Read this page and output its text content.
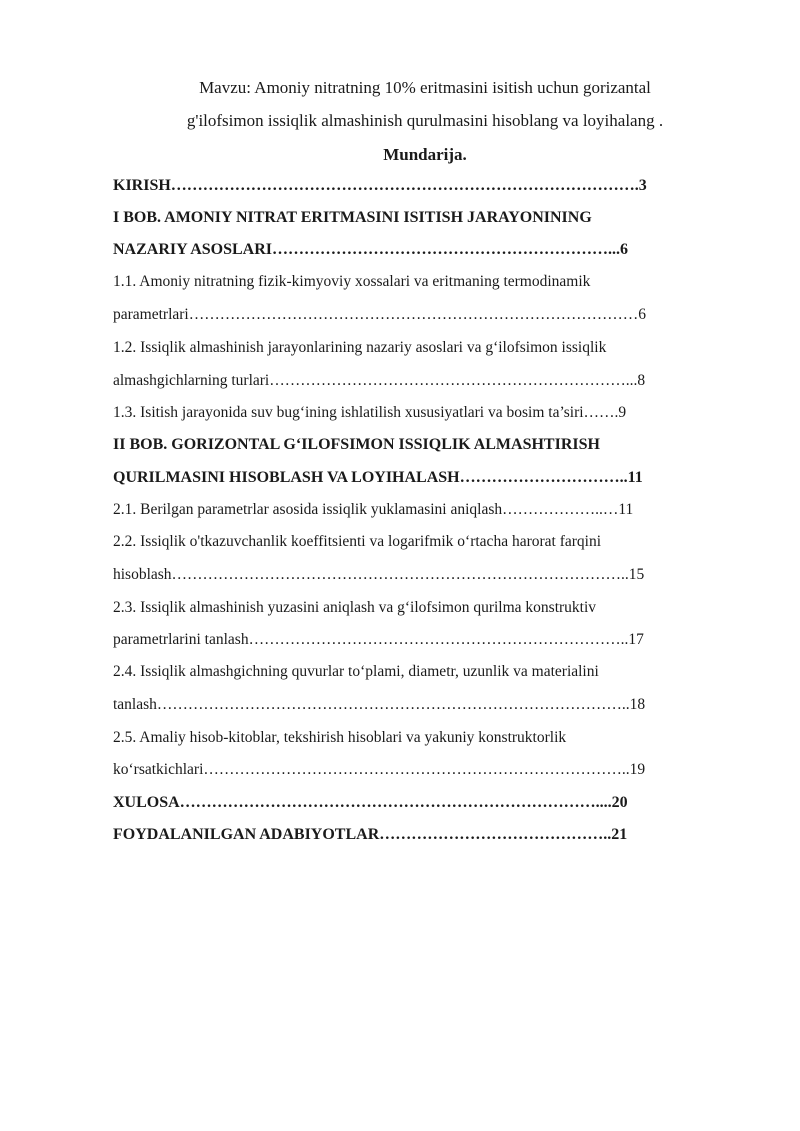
Mavzu: Amoniy nitratning 10% eritmasini isitish uchun gorizantal
g'ilofsimon issiqlik almashinish qurulmasini hisoblang va loyihalang .
Mundarija.
KIRISH…………………………………………………………………………….3
I BOB. AMONIY NITRAT ERITMASINI ISITISH JARAYONINING
NAZARIY ASOSLARI………………………………………………………...6
1.1. Amoniy nitratning fizik-kimyoviy xossalari va eritmaning termodinamik
parametrlari……………………………………………………………………………6
1.2. Issiqlik almashinish jarayonlarining nazariy asoslari va g‘ilofsimon issiqlik
almashgichlarning turlari……………………………………………………………...8
1.3. Isitish jarayonida suv bug‘ining ishlatilish xususiyatlari va bosim ta’siri…….9
II BOB. GORIZONTAL G‘ILOFSIMON ISSIQLIK ALMASHTIRISH
QURILMASINI HISOBLASH VA LOYIHALASH…………………………..11
2.1. Berilgan parametrlar asosida issiqlik yuklamasini aniqlash………………..…11
2.2. Issiqlik o'tkazuvchanlik koeffitsienti va logarifmik o‘rtacha harorat farqini
hisoblash……………………………………………………………………………..15
2.3. Issiqlik almashinish yuzasini aniqlash va g‘ilofsimon qurilma konstruktiv
parametrlarini tanlash………………………………………………………………..17
2.4. Issiqlik almashgichning quvurlar to‘plami, diametr, uzunlik va materialini
tanlash………………………………………………………………………………..18
2.5. Amaliy hisob-kitoblar, tekshirish hisoblari va yakuniy konstruktorlik
ko‘rsatkichlari………………………………………………………………………..19
XULOSA……………………………………………………………………....20
FOYDALANILGAN ADABIYOTLAR……………………………………..21
